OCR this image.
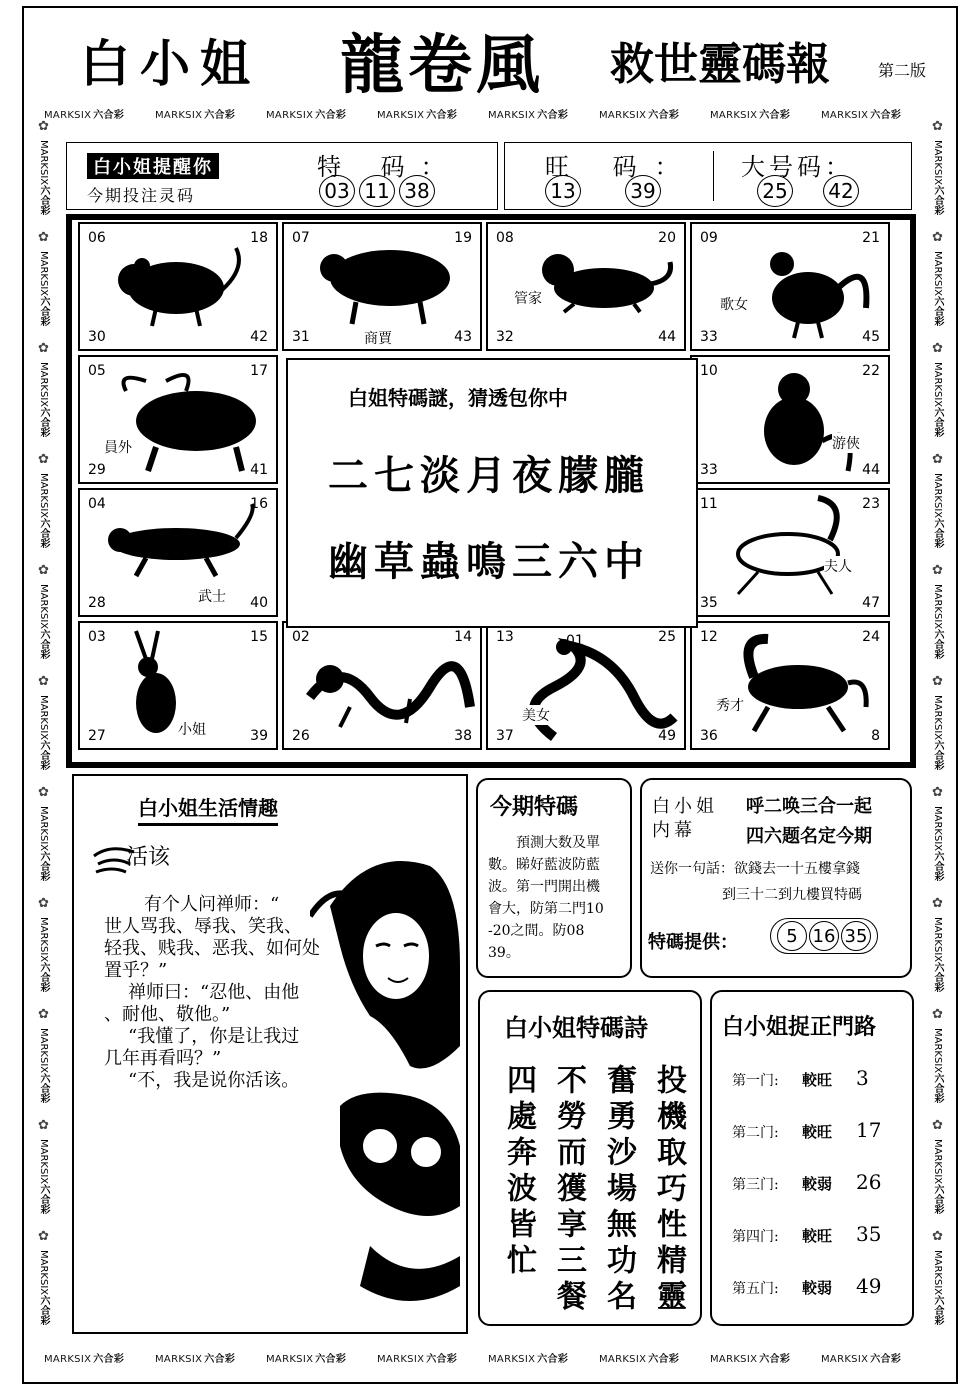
白小姐 龍卷風 救世靈碼報	第二版
MARKSIX 六合彩	MARKSIX 六合彩	MARKSIX 六合彩	MARKSIX 六合彩	MARKSIX 六合彩	MARKSIX 六合彩	MARKSIX 六合彩	MARKSIX 六合彩
MARKSIX 六合彩	MARKSIX 六合彩	MARKSIX 六合彩	MARKSIX 六合彩	MARKSIX 六合彩	MARKSIX 六合彩	MARKSIX 六合彩	MARKSIX 六合彩
✿
MARKSIX六合彩
✿
MARKSIX六合彩
✿
MARKSIX六合彩
✿
MARKSIX六合彩
✿
MARKSIX六合彩
✿
MARKSIX六合彩
✿
MARKSIX六合彩
✿
MARKSIX六合彩
✿
MARKSIX六合彩
✿
MARKSIX六合彩
✿
MARKSIX六合彩
✿
MARKSIX六合彩
✿
MARKSIX六合彩
✿
MARKSIX六合彩
✿
MARKSIX六合彩
✿
MARKSIX六合彩
✿
MARKSIX六合彩
✿
MARKSIX六合彩
✿
MARKSIX六合彩
✿
MARKSIX六合彩
✿
MARKSIX六合彩
✿
MARKSIX六合彩
白小姐提醒你
今期投注灵码
特 码：
03 11 38
旺 码：
13	39
大号码：
25 42
06	18
30	42
07	19
31	43
商賈
08	20
32	44
管家
09	21
33	45
歌女
05	17
29	41
員外
10	22
33	44
游俠
04	16
28	40
武士
11	23
35	47
夫人
03	15
27	39
小姐
02	14
26	38
13	25
37	49
01
美女
12	24
36	8
秀才
白姐特碼謎，猜透包你中
二七淡月夜朦朧
幽草蟲鳴三六中
白小姐生活情趣
活该
有个人问禅师：“
世人骂我、辱我、笑我、
轻我、贱我、恶我、如何处
置乎？”
禅师曰：“忍他、由他
、耐他、敬他。”
“我懂了，你是让我过
几年再看吗？”
“不，我是说你活该。
今期特碼
預測大数及單
數。睇好藍波防藍
波。第一門開出機
會大，防第二門10
-20之間。防08
39。
白小姐
内幕
呼二唤三合一起
四六题名定今期
送你一句話：欲錢去一十五樓拿錢
到三十二到九樓買特碼
特碼提供：	5 16 35
白小姐特碼詩
投機取巧性精靈
奮勇沙場無功名
不勞而獲享三餐
四處奔波皆忙
白小姐捉正門路
第一门: 較旺 3
第二门: 較旺 17
第三门: 較弱 26
第四门: 較旺 35
第五门: 較弱 49
